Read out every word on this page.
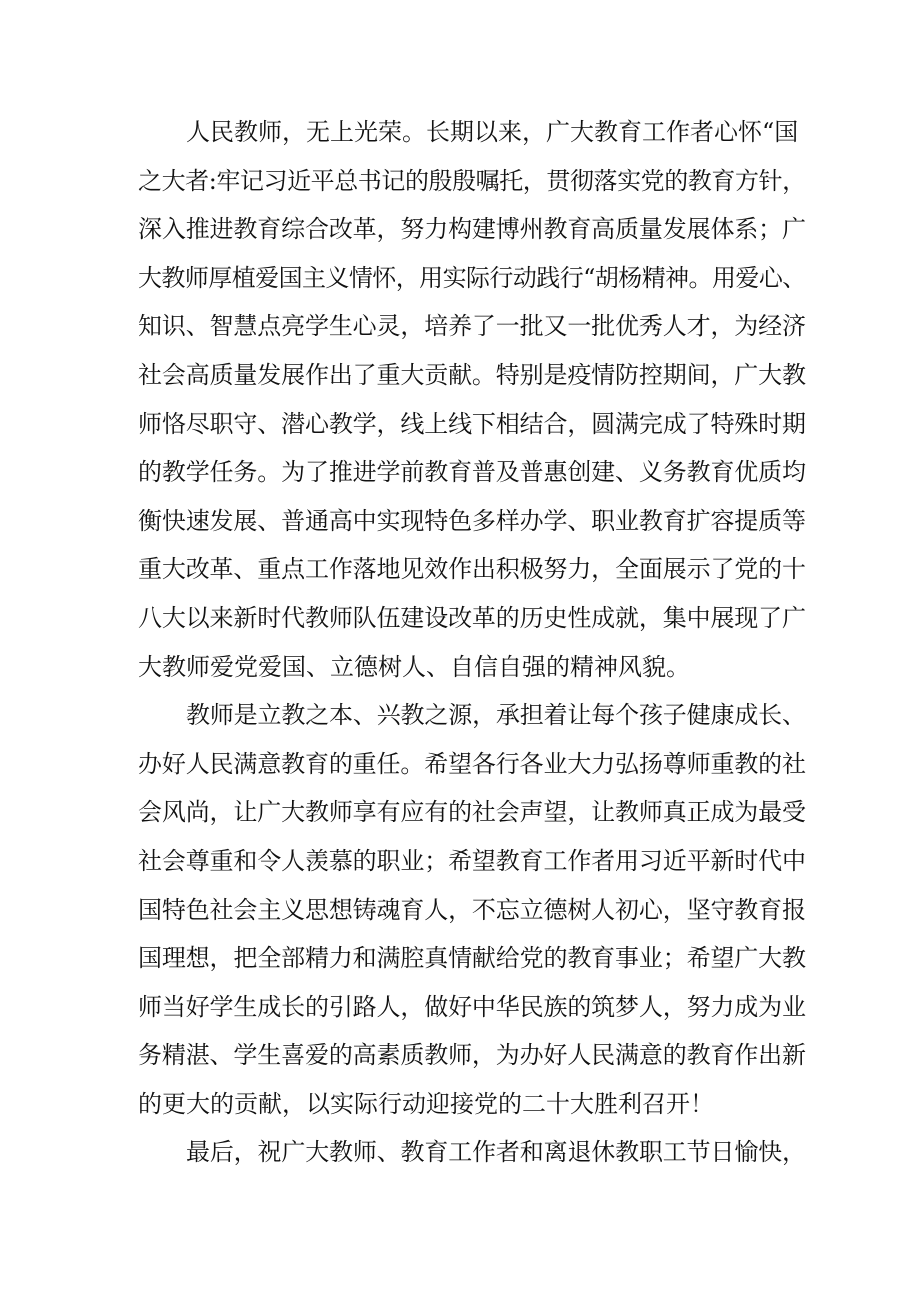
人民教师，无上光荣。长期以来，广大教育工作者心怀“国
之大者:牢记习近平总书记的殷殷嘱托，贯彻落实党的教育方针，
深入推进教育综合改革，努力构建博州教育高质量发展体系；广
大教师厚植爱国主义情怀，用实际行动践行“胡杨精神。用爱心、
知识、智慧点亮学生心灵，培养了一批又一批优秀人才，为经济
社会高质量发展作出了重大贡献。特别是疫情防控期间，广大教
师恪尽职守、潜心教学，线上线下相结合，圆满完成了特殊时期
的教学任务。为了推进学前教育普及普惠创建、义务教育优质均
衡快速发展、普通高中实现特色多样办学、职业教育扩容提质等
重大改革、重点工作落地见效作出积极努力，全面展示了党的十
八大以来新时代教师队伍建设改革的历史性成就，集中展现了广
大教师爱党爱国、立德树人、自信自强的精神风貌。
教师是立教之本、兴教之源，承担着让每个孩子健康成长、
办好人民满意教育的重任。希望各行各业大力弘扬尊师重教的社
会风尚，让广大教师享有应有的社会声望，让教师真正成为最受
社会尊重和令人羡慕的职业；希望教育工作者用习近平新时代中
国特色社会主义思想铸魂育人，不忘立德树人初心，坚守教育报
国理想，把全部精力和满腔真情献给党的教育事业；希望广大教
师当好学生成长的引路人，做好中华民族的筑梦人，努力成为业
务精湛、学生喜爱的高素质教师，为办好人民满意的教育作出新
的更大的贡献，以实际行动迎接党的二十大胜利召开！
最后，祝广大教师、教育工作者和离退休教职工节日愉快，
